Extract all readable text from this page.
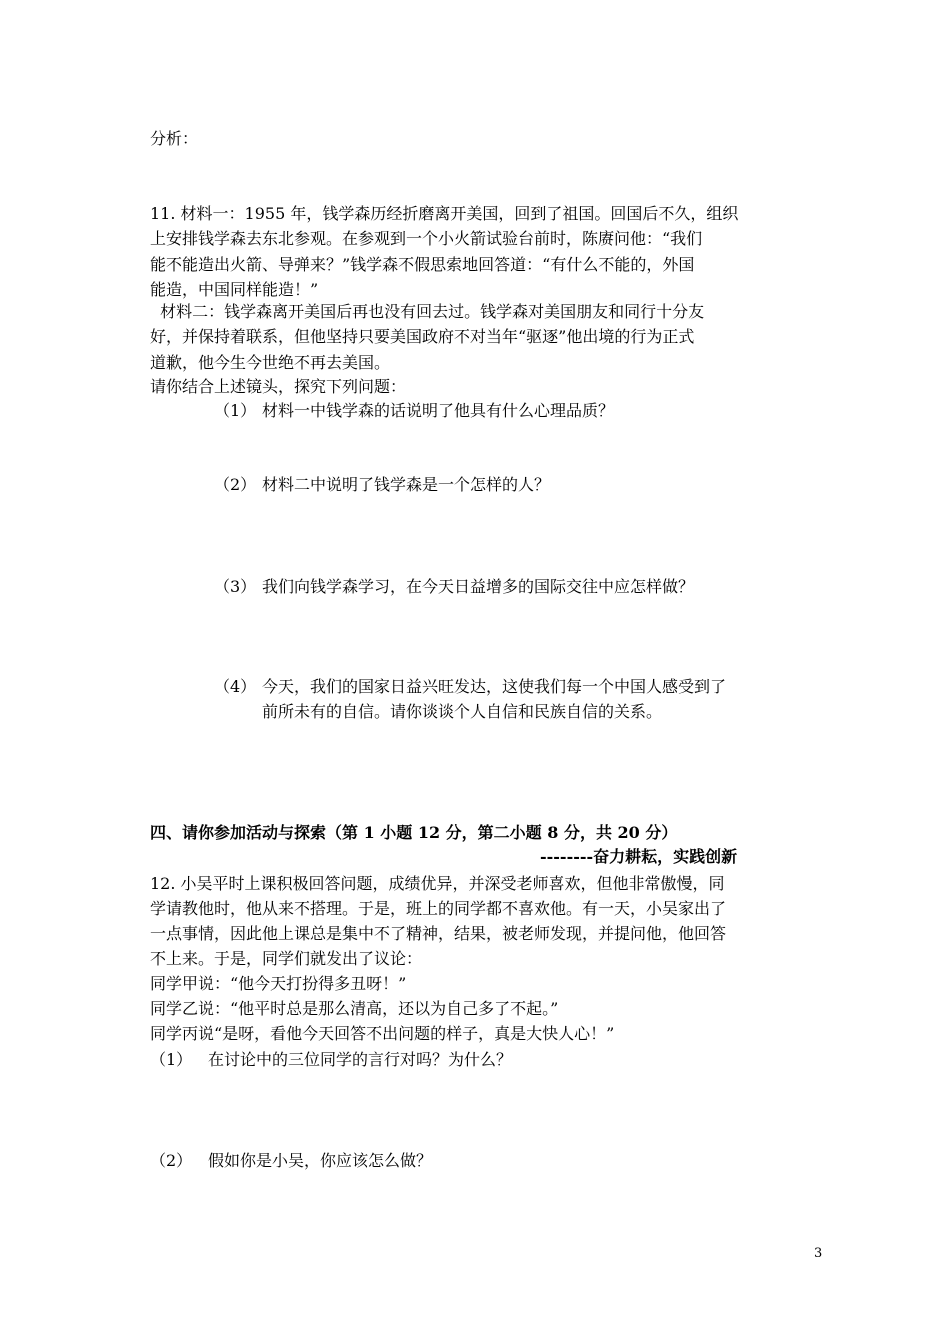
分析：
11. 材料一：1955 年，钱学森历经折磨离开美国，回到了祖国。回国后不久，组织
上安排钱学森去东北参观。在参观到一个小火箭试验台前时，陈赓问他：“我们
能不能造出火箭、导弹来？”钱学森不假思索地回答道：“有什么不能的，外国
能造，中国同样能造！”
材料二：钱学森离开美国后再也没有回去过。钱学森对美国朋友和同行十分友
好，并保持着联系，但他坚持只要美国政府不对当年“驱逐”他出境的行为正式
道歉，他今生今世绝不再去美国。
请你结合上述镜头，探究下列问题：
（1） 材料一中钱学森的话说明了他具有什么心理品质？
（2） 材料二中说明了钱学森是一个怎样的人？
（3） 我们向钱学森学习，在今天日益增多的国际交往中应怎样做？
（4） 今天，我们的国家日益兴旺发达，这使我们每一个中国人感受到了
前所未有的自信。请你谈谈个人自信和民族自信的关系。
四、请你参加活动与探索（第 1 小题 12 分，第二小题 8 分，共 20 分）
--------奋力耕耘，实践创新
12. 小吴平时上课积极回答问题，成绩优异，并深受老师喜欢，但他非常傲慢，同
学请教他时，他从来不搭理。于是，班上的同学都不喜欢他。有一天，小吴家出了
一点事情，因此他上课总是集中不了精神，结果，被老师发现，并提问他，他回答
不上来。于是，同学们就发出了议论：
同学甲说：“他今天打扮得多丑呀！”
同学乙说：“他平时总是那么清高，还以为自己多了不起。”
同学丙说“是呀，看他今天回答不出问题的样子，真是大快人心！”
（1） 在讨论中的三位同学的言行对吗？为什么？
（2） 假如你是小吴，你应该怎么做？
3
